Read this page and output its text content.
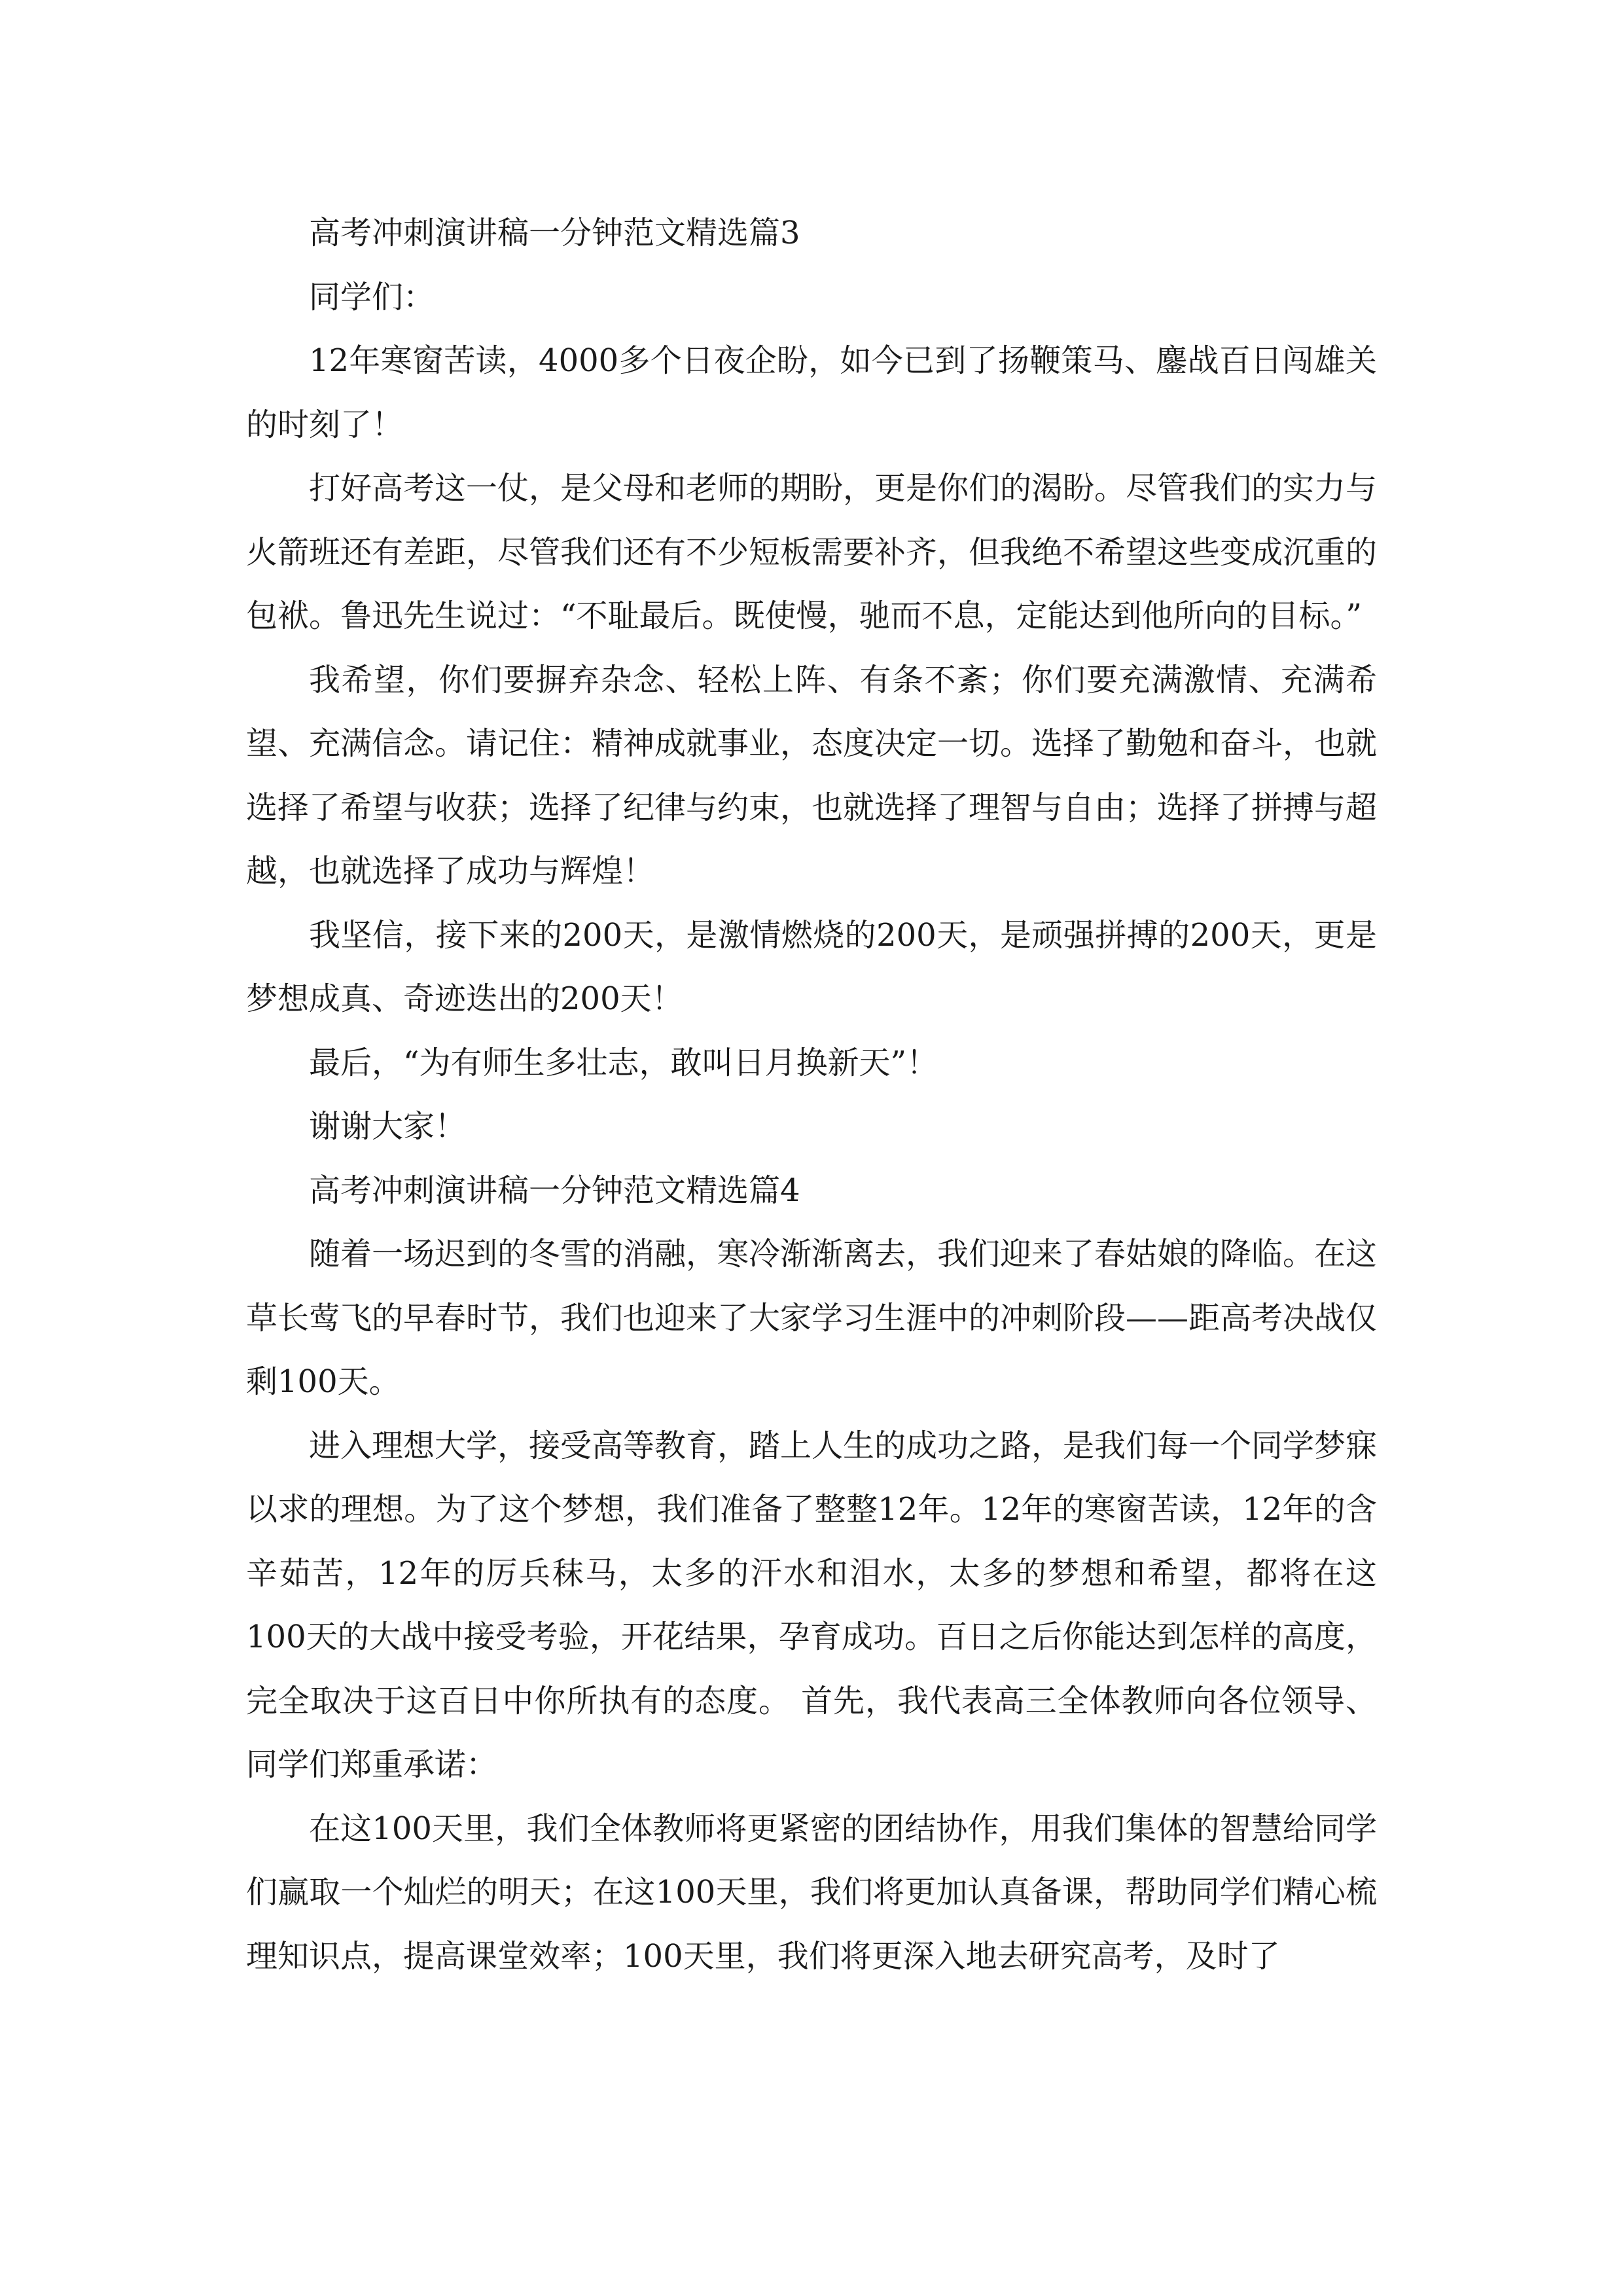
高考冲刺演讲稿一分钟范文精选篇3

同学们：

12年寒窗苦读，4000多个日夜企盼，如今已到了扬鞭策马、鏖战百日闯雄关的时刻了！

打好高考这一仗，是父母和老师的期盼，更是你们的渴盼。尽管我们的实力与火箭班还有差距，尽管我们还有不少短板需要补齐，但我绝不希望这些变成沉重的包袱。鲁迅先生说过：“不耻最后。既使慢，驰而不息，定能达到他所向的目标。”

我希望，你们要摒弃杂念、轻松上阵、有条不紊；你们要充满激情、充满希望、充满信念。请记住：精神成就事业，态度决定一切。选择了勤勉和奋斗，也就选择了希望与收获；选择了纪律与约束，也就选择了理智与自由；选择了拼搏与超越，也就选择了成功与辉煌！

我坚信，接下来的200天，是激情燃烧的200天，是顽强拼搏的200天，更是梦想成真、奇迹迭出的200天！

最后，“为有师生多壮志，敢叫日月换新天”！

谢谢大家！

高考冲刺演讲稿一分钟范文精选篇4

随着一场迟到的冬雪的消融，寒冷渐渐离去，我们迎来了春姑娘的降临。在这草长莺飞的早春时节，我们也迎来了大家学习生涯中的冲刺阶段——距高考决战仅剩100天。

进入理想大学，接受高等教育，踏上人生的成功之路，是我们每一个同学梦寐以求的理想。为了这个梦想，我们准备了整整12年。12年的寒窗苦读，12年的含辛茹苦，12年的厉兵秣马，太多的汗水和泪水，太多的梦想和希望，都将在这100天的大战中接受考验，开花结果，孕育成功。百日之后你能达到怎样的高度，完全取决于这百日中你所执有的态度。 首先，我代表高三全体教师向各位领导、同学们郑重承诺：

在这100天里，我们全体教师将更紧密的团结协作，用我们集体的智慧给同学们赢取一个灿烂的明天；在这100天里，我们将更加认真备课，帮助同学们精心梳理知识点，提高课堂效率；100天里，我们将更深入地去研究高考，及时了
